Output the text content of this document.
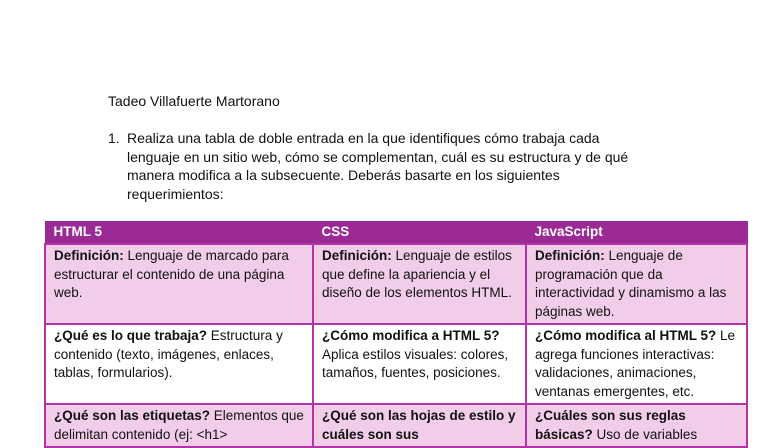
Tadeo Villafuerte Martorano
1. Realiza una tabla de doble entrada en la que identifiques cómo trabaja cada lenguaje en un sitio web, cómo se complementan, cuál es su estructura y de qué manera modifica a la subsecuente. Deberás basarte en los siguientes requerimientos:
HTML 5	CSS	JavaScript
Definición: Lenguaje de marcado para estructurar el contenido de una página web.	Definición: Lenguaje de estilos que define la apariencia y el diseño de los elementos HTML.	Definición: Lenguaje de programación que da interactividad y dinamismo a las páginas web.
¿Qué es lo que trabaja? Estructura y contenido (texto, imágenes, enlaces, tablas, formularios).	¿Cómo modifica a HTML 5? Aplica estilos visuales: colores, tamaños, fuentes, posiciones.	¿Cómo modifica al HTML 5? Le agrega funciones interactivas: validaciones, animaciones, ventanas emergentes, etc.
¿Qué son las etiquetas? Elementos que delimitan contenido (ej: <h1>	¿Qué son las hojas de estilo y cuáles son sus	¿Cuáles son sus reglas básicas? Uso de variables
